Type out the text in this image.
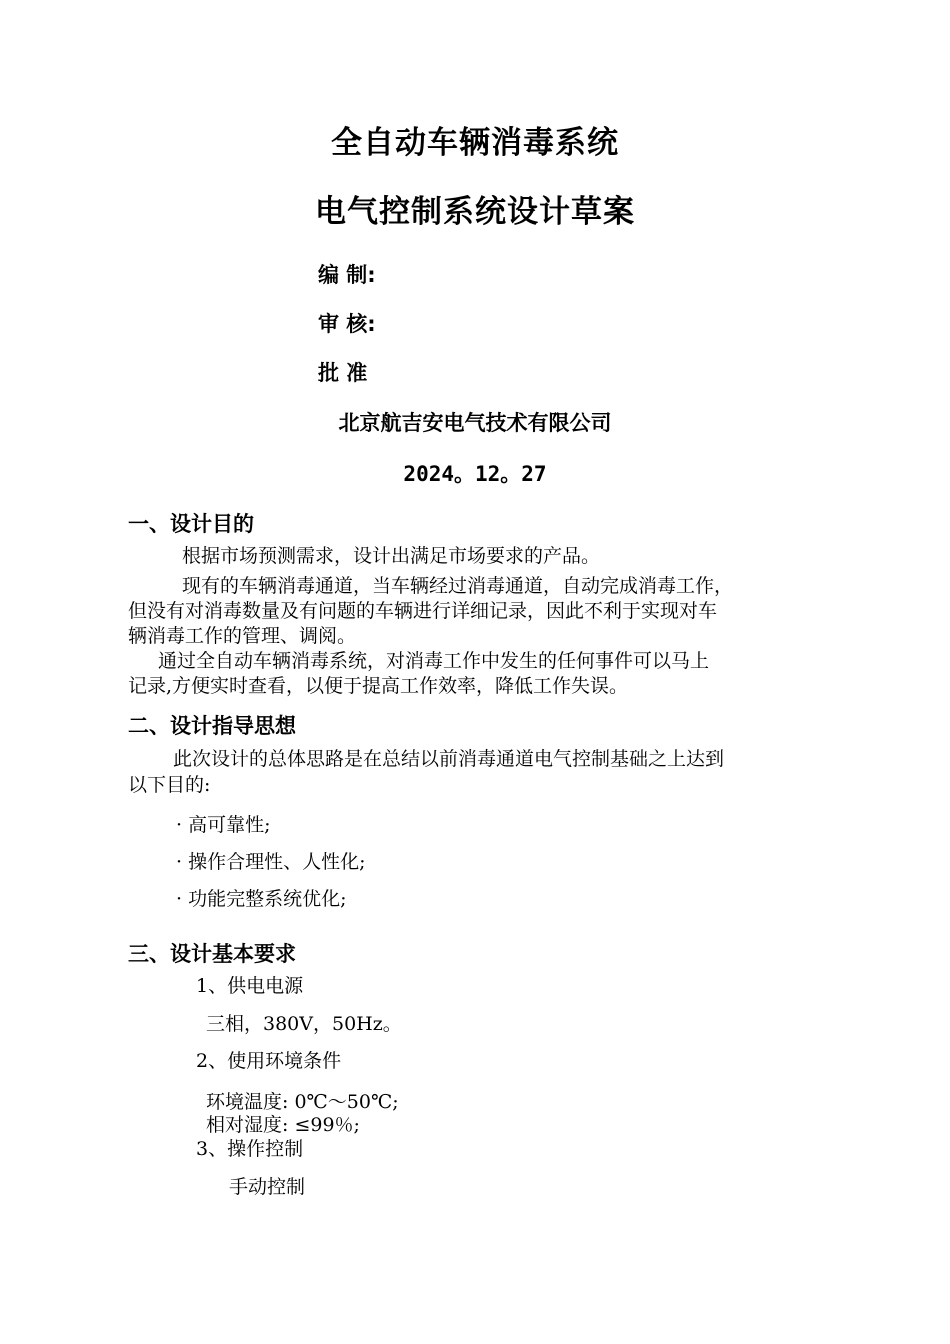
全自动车辆消毒系统
电气控制系统设计草案
编 制:
审 核:
批 准
北京航吉安电气技术有限公司
2024。12。27
一、设计目的
根据市场预测需求，设计出满足市场要求的产品。
现有的车辆消毒通道，当车辆经过消毒通道，自动完成消毒工作，
但没有对消毒数量及有问题的车辆进行详细记录，因此不利于实现对车
辆消毒工作的管理、调阅。
通过全自动车辆消毒系统，对消毒工作中发生的任何事件可以马上
记录,方便实时查看，以便于提高工作效率，降低工作失误。
二、设计指导思想
此次设计的总体思路是在总结以前消毒通道电气控制基础之上达到
以下目的:
· 高可靠性;
· 操作合理性、人性化;
· 功能完整系统优化;
三、设计基本要求
1、供电电源
三相，380V，50Hz。
2、使用环境条件
环境温度: 0℃～50℃;
相对湿度: ≤99％;
3、操作控制
手动控制
